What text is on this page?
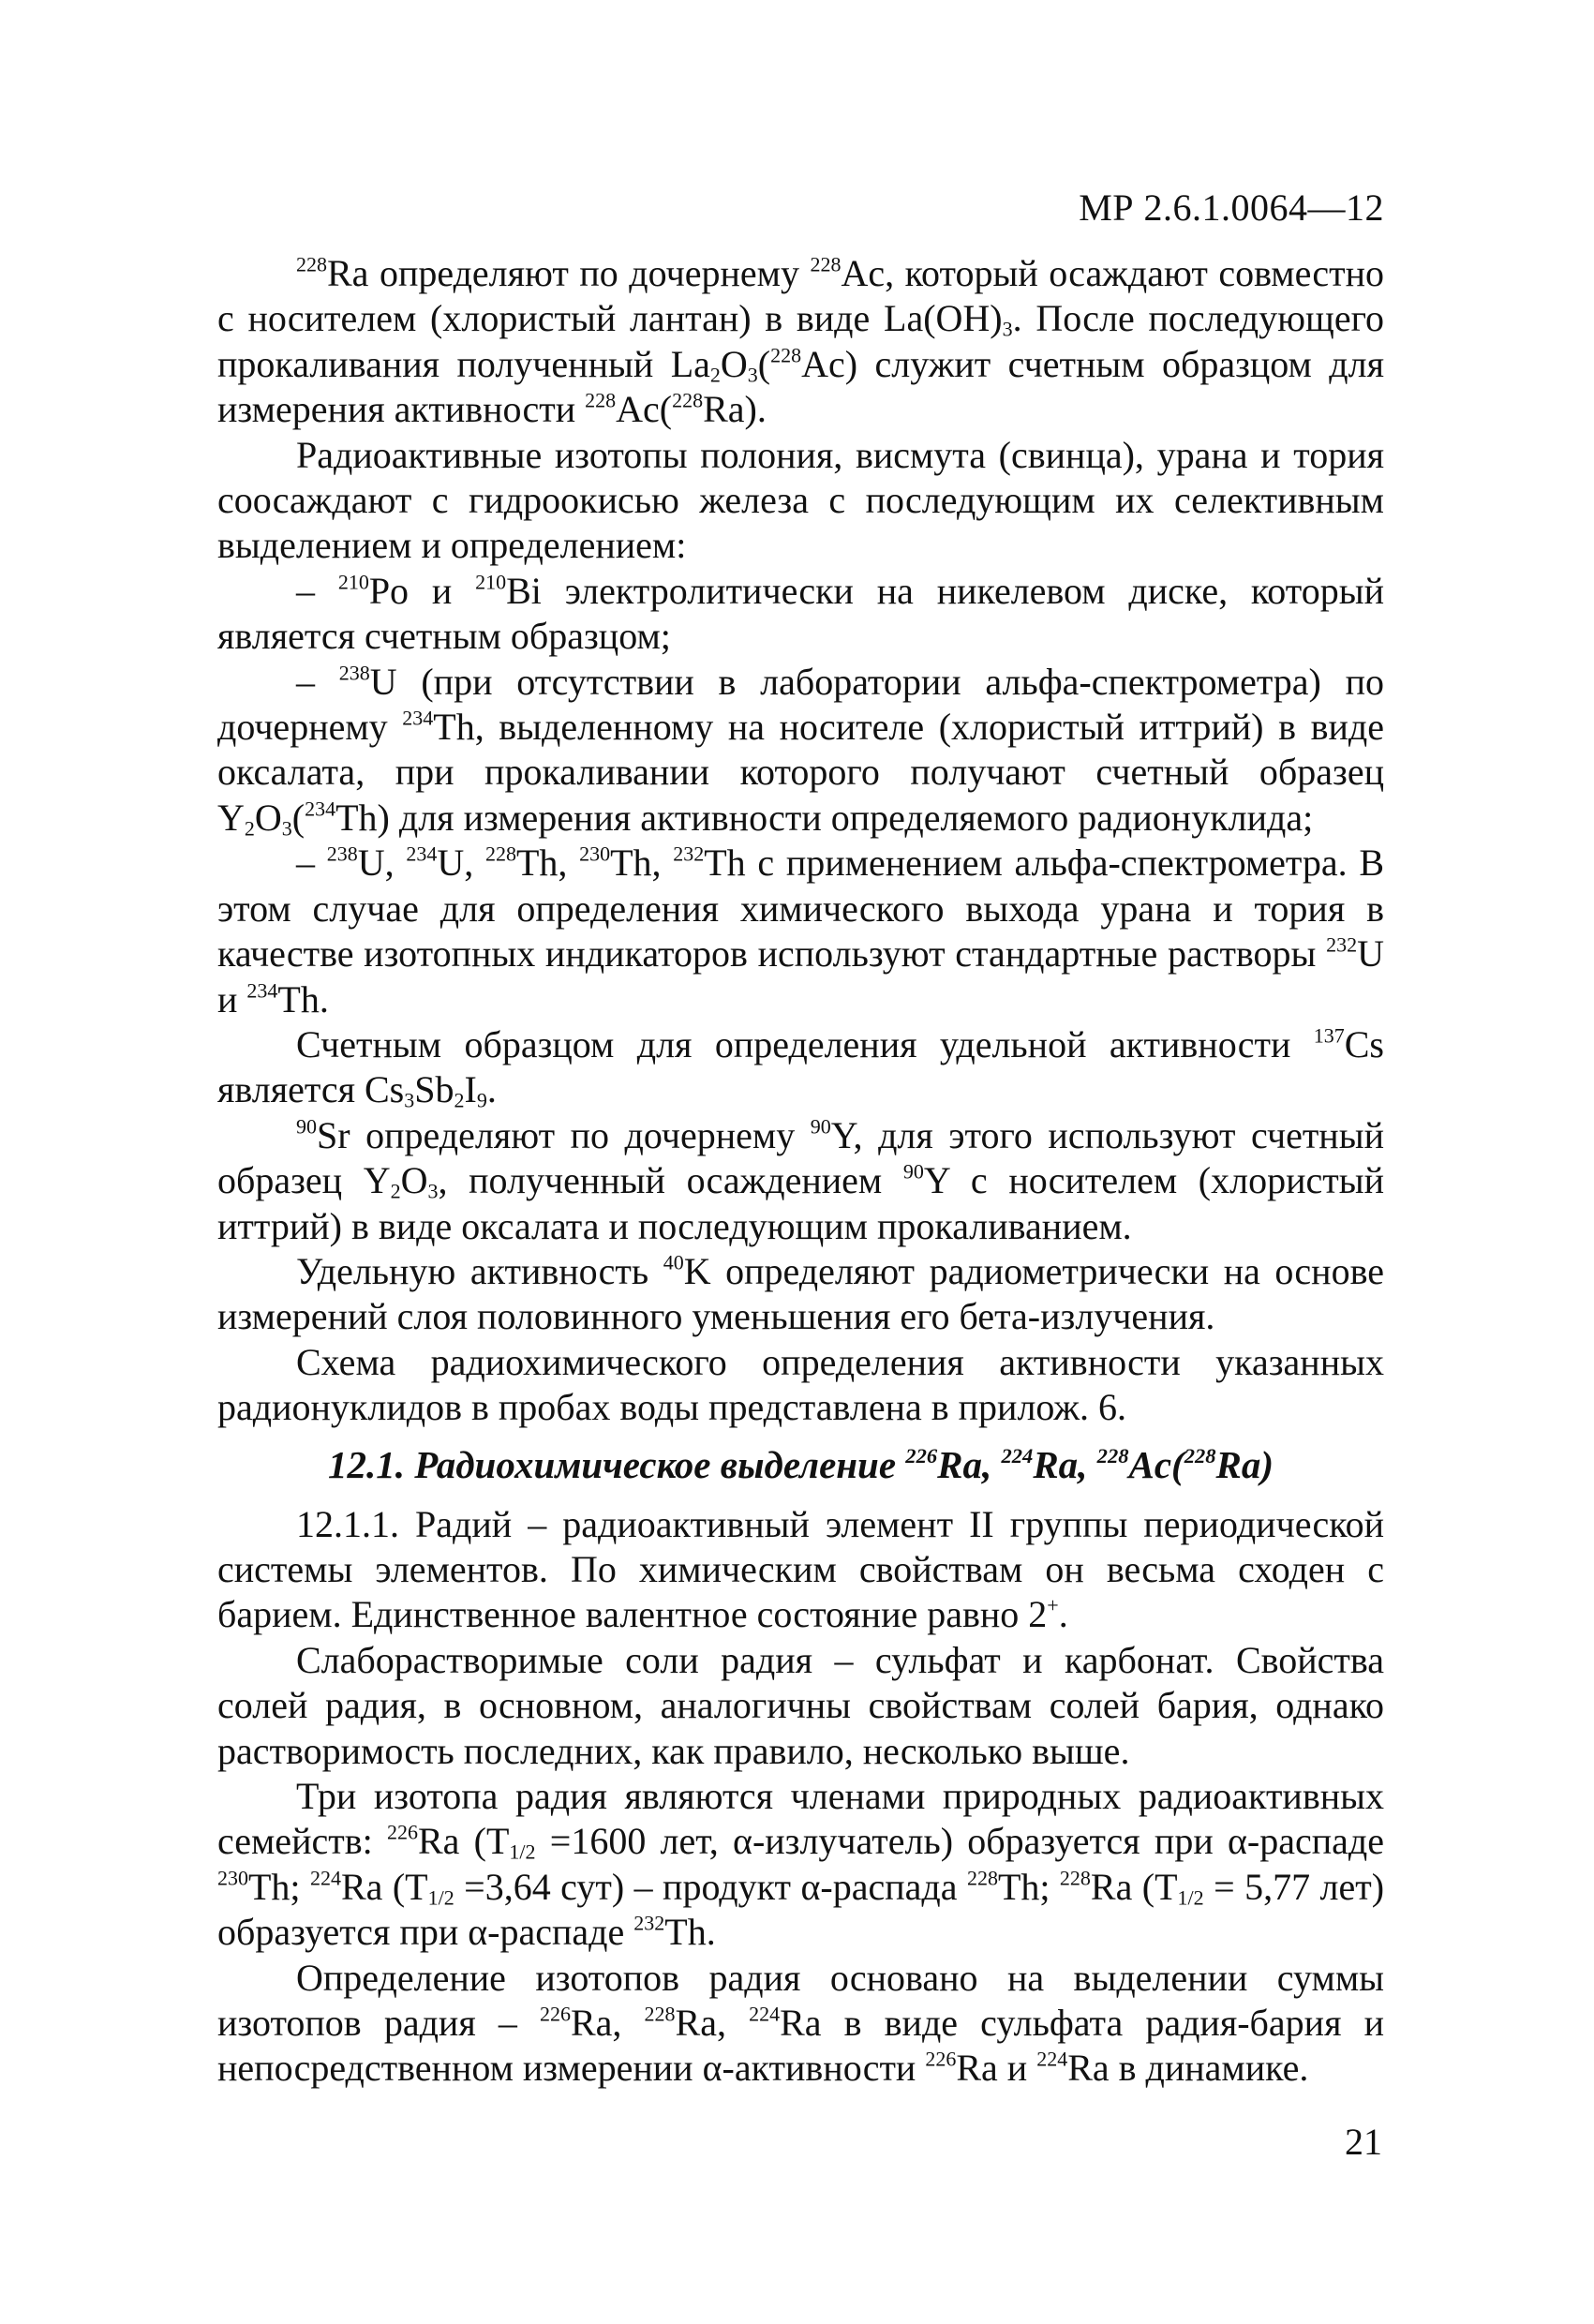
МР 2.6.1.0064—12

$^{228}$Ra определяют по дочернему $^{228}$Ac, который осаждают совместно с носителем (хлористый лантан) в виде $La(OH)_3$. После последующего прокаливания полученный $La_2O_3(^{228}Ac)$ служит счетным образцом для измерения активности $^{228}$Ac($^{228}$Ra).

Радиоактивные изотопы полония, висмута (свинца), урана и тория соосаждают с гидроокисью железа с последующим их селективным выделением и определением:

– $^{210}$Po и $^{210}$Bi электролитически на никелевом диске, который является счетным образцом;

– $^{238}$U (при отсутствии в лаборатории альфа-спектрометра) по дочернему $^{234}$Th, выделенному на носителе (хлористый иттрий) в виде оксалата, при прокаливании которого получают счетный образец $Y_2O_3(^{234}Th)$ для измерения активности определяемого радионуклида;

– $^{238}$U, $^{234}$U, $^{228}$Th, $^{230}$Th, $^{232}$Th с применением альфа-спектрометра. В этом случае для определения химического выхода урана и тория в качестве изотопных индикаторов используют стандартные растворы $^{232}$U и $^{234}$Th.

Счетным образцом для определения удельной активности $^{137}$Cs является $Cs_3Sb_2I_9$.

$^{90}$Sr определяют по дочернему $^{90}$Y, для этого используют счетный образец $Y_2O_3$, полученный осаждением $^{90}$Y с носителем (хлористый иттрий) в виде оксалата и последующим прокаливанием.

Удельную активность $^{40}$K определяют радиометрически на основе измерений слоя половинного уменьшения его бета-излучения.

Схема радиохимического определения активности указанных радионуклидов в пробах воды представлена в прилож. 6.

12.1. Радиохимическое выделение $^{226}$Ra, $^{224}$Ra, $^{228}$Ac($^{228}$Ra)

12.1.1. Радий – радиоактивный элемент II группы периодической системы элементов. По химическим свойствам он весьма сходен с барием. Единственное валентное состояние равно 2+.

Слаборастворимые соли радия – сульфат и карбонат. Свойства солей радия, в основном, аналогичны свойствам солей бария, однако растворимость последних, как правило, несколько выше.

Три изотопа радия являются членами природных радиоактивных семейств: $^{226}$Ra ($T_{1/2} =1600$ лет, α-излучатель) образуется при α-распаде $^{230}$Th; $^{224}$Ra ($T_{1/2} =3,64$ сут) – продукт α-распада $^{228}$Th; $^{228}$Ra ($T_{1/2} = 5,77$ лет) образуется при α-распаде $^{232}$Th.

Определение изотопов радия основано на выделении суммы изотопов радия – $^{226}$Ra, $^{228}$Ra, $^{224}$Ra в виде сульфата радия-бария и непосредственном измерении α-активности $^{226}$Ra и $^{224}$Ra в динамике.

21
